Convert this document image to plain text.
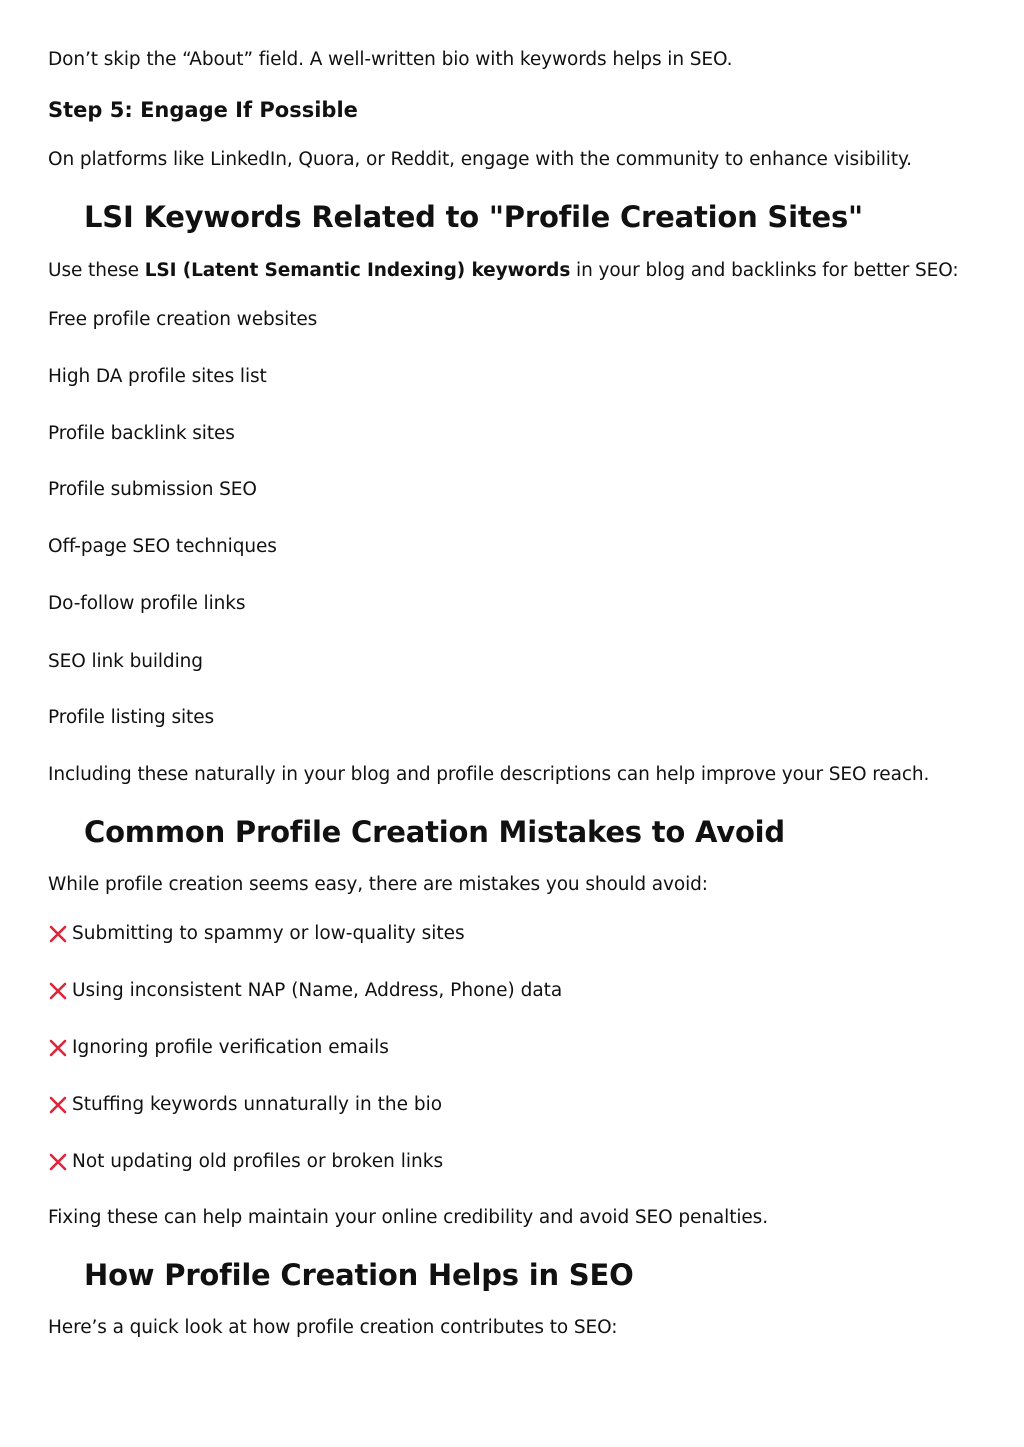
Don’t skip the “About” field. A well-written bio with keywords helps in SEO.
Step 5: Engage If Possible
On platforms like LinkedIn, Quora, or Reddit, engage with the community to enhance visibility.
LSI Keywords Related to "Profile Creation Sites"
Use these LSI (Latent Semantic Indexing) keywords in your blog and backlinks for better SEO:
Free profile creation websites
High DA profile sites list
Profile backlink sites
Profile submission SEO
Off-page SEO techniques
Do-follow profile links
SEO link building
Profile listing sites
Including these naturally in your blog and profile descriptions can help improve your SEO reach.
Common Profile Creation Mistakes to Avoid
While profile creation seems easy, there are mistakes you should avoid:
Submitting to spammy or low-quality sites
Using inconsistent NAP (Name, Address, Phone) data
Ignoring profile verification emails
Stuffing keywords unnaturally in the bio
Not updating old profiles or broken links
Fixing these can help maintain your online credibility and avoid SEO penalties.
How Profile Creation Helps in SEO
Here’s a quick look at how profile creation contributes to SEO:
